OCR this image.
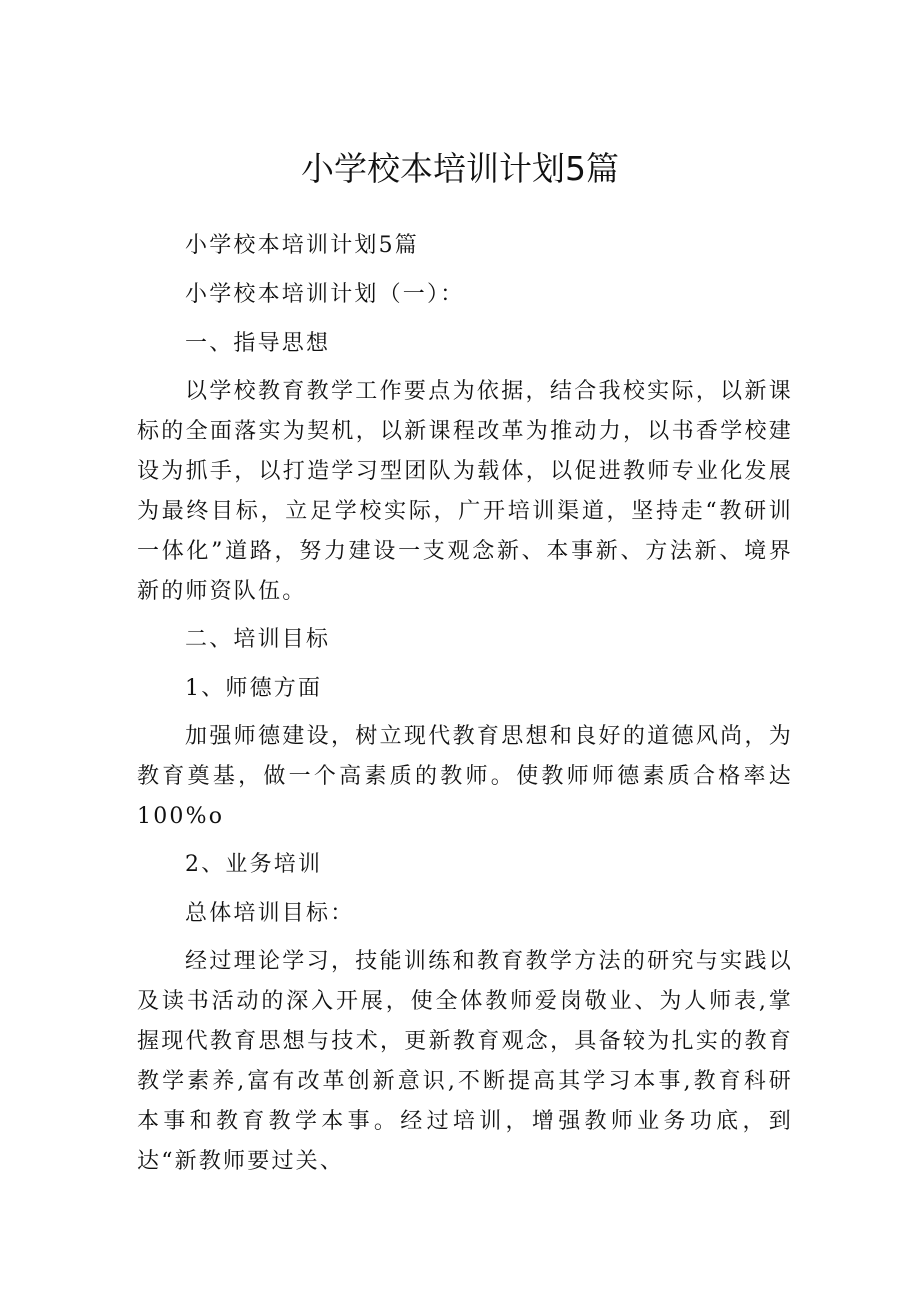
小学校本培训计划5篇
小学校本培训计划5篇
小学校本培训计划（一）：
一、指导思想
以学校教育教学工作要点为依据，结合我校实际，以新课标的全面落实为契机，以新课程改革为推动力，以书香学校建设为抓手，以打造学习型团队为载体，以促进教师专业化发展为最终目标，立足学校实际，广开培训渠道，坚持走“教研训一体化”道路，努力建设一支观念新、本事新、方法新、境界新的师资队伍。
二、培训目标
1、师德方面
加强师德建设，树立现代教育思想和良好的道德风尚，为教育奠基，做一个高素质的教师。使教师师德素质合格率达100%o
2、业务培训
总体培训目标：
经过理论学习，技能训练和教育教学方法的研究与实践以及读书活动的深入开展，使全体教师爱岗敬业、为人师表,掌握现代教育思想与技术，更新教育观念，具备较为扎实的教育教学素养,富有改革创新意识,不断提高其学习本事,教育科研本事和教育教学本事。经过培训，增强教师业务功底，到达“新教师要过关、
